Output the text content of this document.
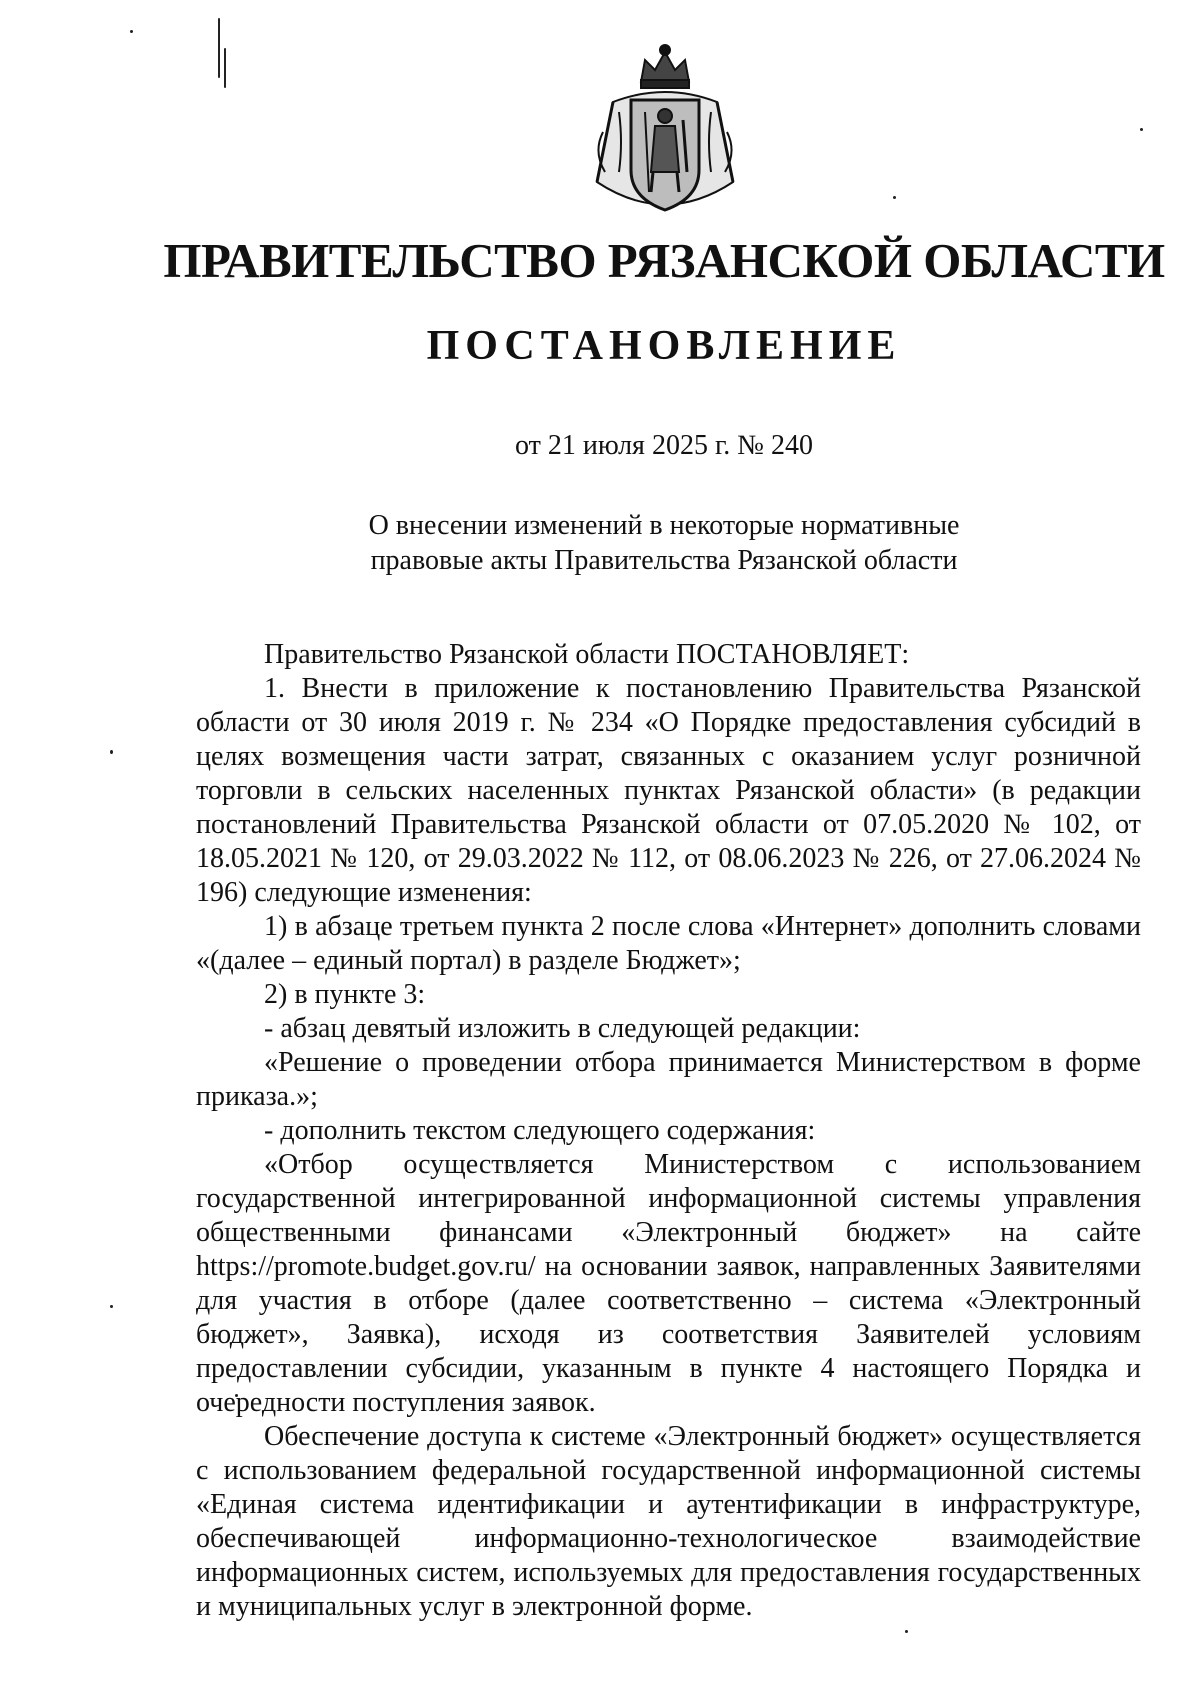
ПРАВИТЕЛЬСТВО РЯЗАНСКОЙ ОБЛАСТИ
ПОСТАНОВЛЕНИЕ
от 21 июля 2025 г. № 240
О внесении изменений в некоторые нормативные
правовые акты Правительства Рязанской области

Правительство Рязанской области ПОСТАНОВЛЯЕТ:

1. Внести в приложение к постановлению Правительства Рязанской области от 30 июля 2019 г. № 234 «О Порядке предоставления субсидий в целях возмещения части затрат, связанных с оказанием услуг розничной торговли в сельских населенных пунктах Рязанской области» (в редакции постановлений Правительства Рязанской области от 07.05.2020 № 102, от 18.05.2021 № 120, от 29.03.2022 № 112, от 08.06.2023 № 226, от 27.06.2024 № 196) следующие изменения:

1) в абзаце третьем пункта 2 после слова «Интернет» дополнить словами «(далее – единый портал) в разделе Бюджет»;

2) в пункте 3:

- абзац девятый изложить в следующей редакции:

«Решение о проведении отбора принимается Министерством в форме приказа.»;

- дополнить текстом следующего содержания:

«Отбор осуществляется Министерством с использованием государственной интегрированной информационной системы управления общественными финансами «Электронный бюджет» на сайте https://promote.budget.gov.ru/ на основании заявок, направленных Заявителями для участия в отборе (далее соответственно – система «Электронный бюджет», Заявка), исходя из соответствия Заявителей условиям предоставлении субсидии, указанным в пункте 4 настоящего Порядка и очередности поступления заявок.

Обеспечение доступа к системе «Электронный бюджет» осуществляется с использованием федеральной государственной информационной системы «Единая система идентификации и аутентификации в инфраструктуре, обеспечивающей информационно-технологическое взаимодействие информационных систем, используемых для предоставления государственных и муниципальных услуг в электронной форме.
